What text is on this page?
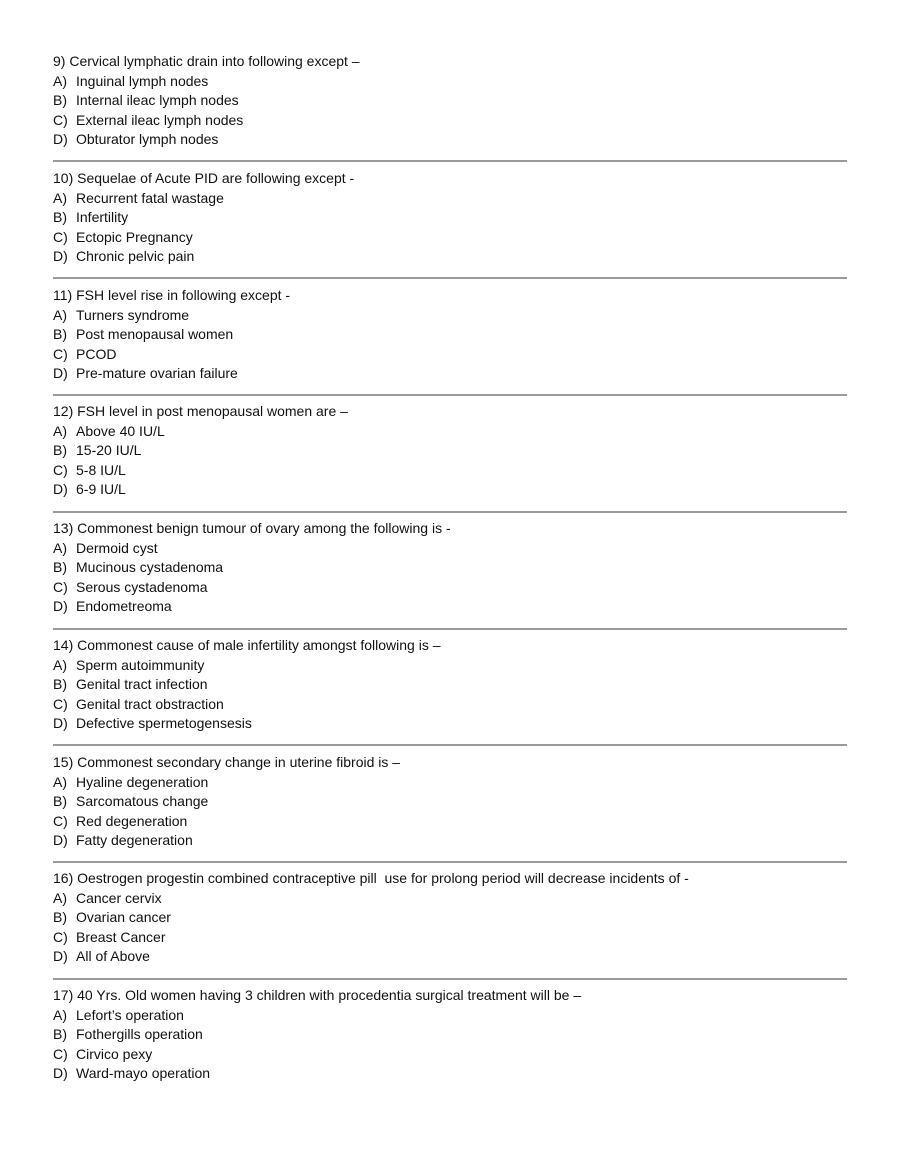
9) Cervical lymphatic drain into following except –
A) Inguinal lymph nodes
B) Internal ileac lymph nodes
C) External ileac lymph nodes
D) Obturator lymph nodes
10) Sequelae of Acute PID are following except -
A) Recurrent fatal wastage
B) Infertility
C) Ectopic Pregnancy
D) Chronic pelvic pain
11) FSH level rise in following except -
A) Turners syndrome
B) Post menopausal women
C) PCOD
D) Pre-mature ovarian failure
12) FSH level in post menopausal women are –
A) Above 40 IU/L
B) 15-20 IU/L
C) 5-8 IU/L
D) 6-9 IU/L
13) Commonest benign tumour of ovary among the following is -
A) Dermoid cyst
B) Mucinous cystadenoma
C) Serous cystadenoma
D) Endometreoma
14) Commonest cause of male infertility amongst following is –
A) Sperm autoimmunity
B) Genital tract infection
C) Genital tract obstraction
D) Defective spermetogensesis
15) Commonest secondary change in uterine fibroid is –
A) Hyaline degeneration
B) Sarcomatous change
C) Red degeneration
D) Fatty degeneration
16) Oestrogen progestin combined contraceptive pill  use for prolong period will decrease incidents of -
A) Cancer cervix
B) Ovarian cancer
C) Breast Cancer
D) All of Above
17) 40 Yrs. Old women having 3 children with procedentia surgical treatment will be –
A) Lefort’s operation
B) Fothergills operation
C) Cirvico pexy
D) Ward-mayo operation
